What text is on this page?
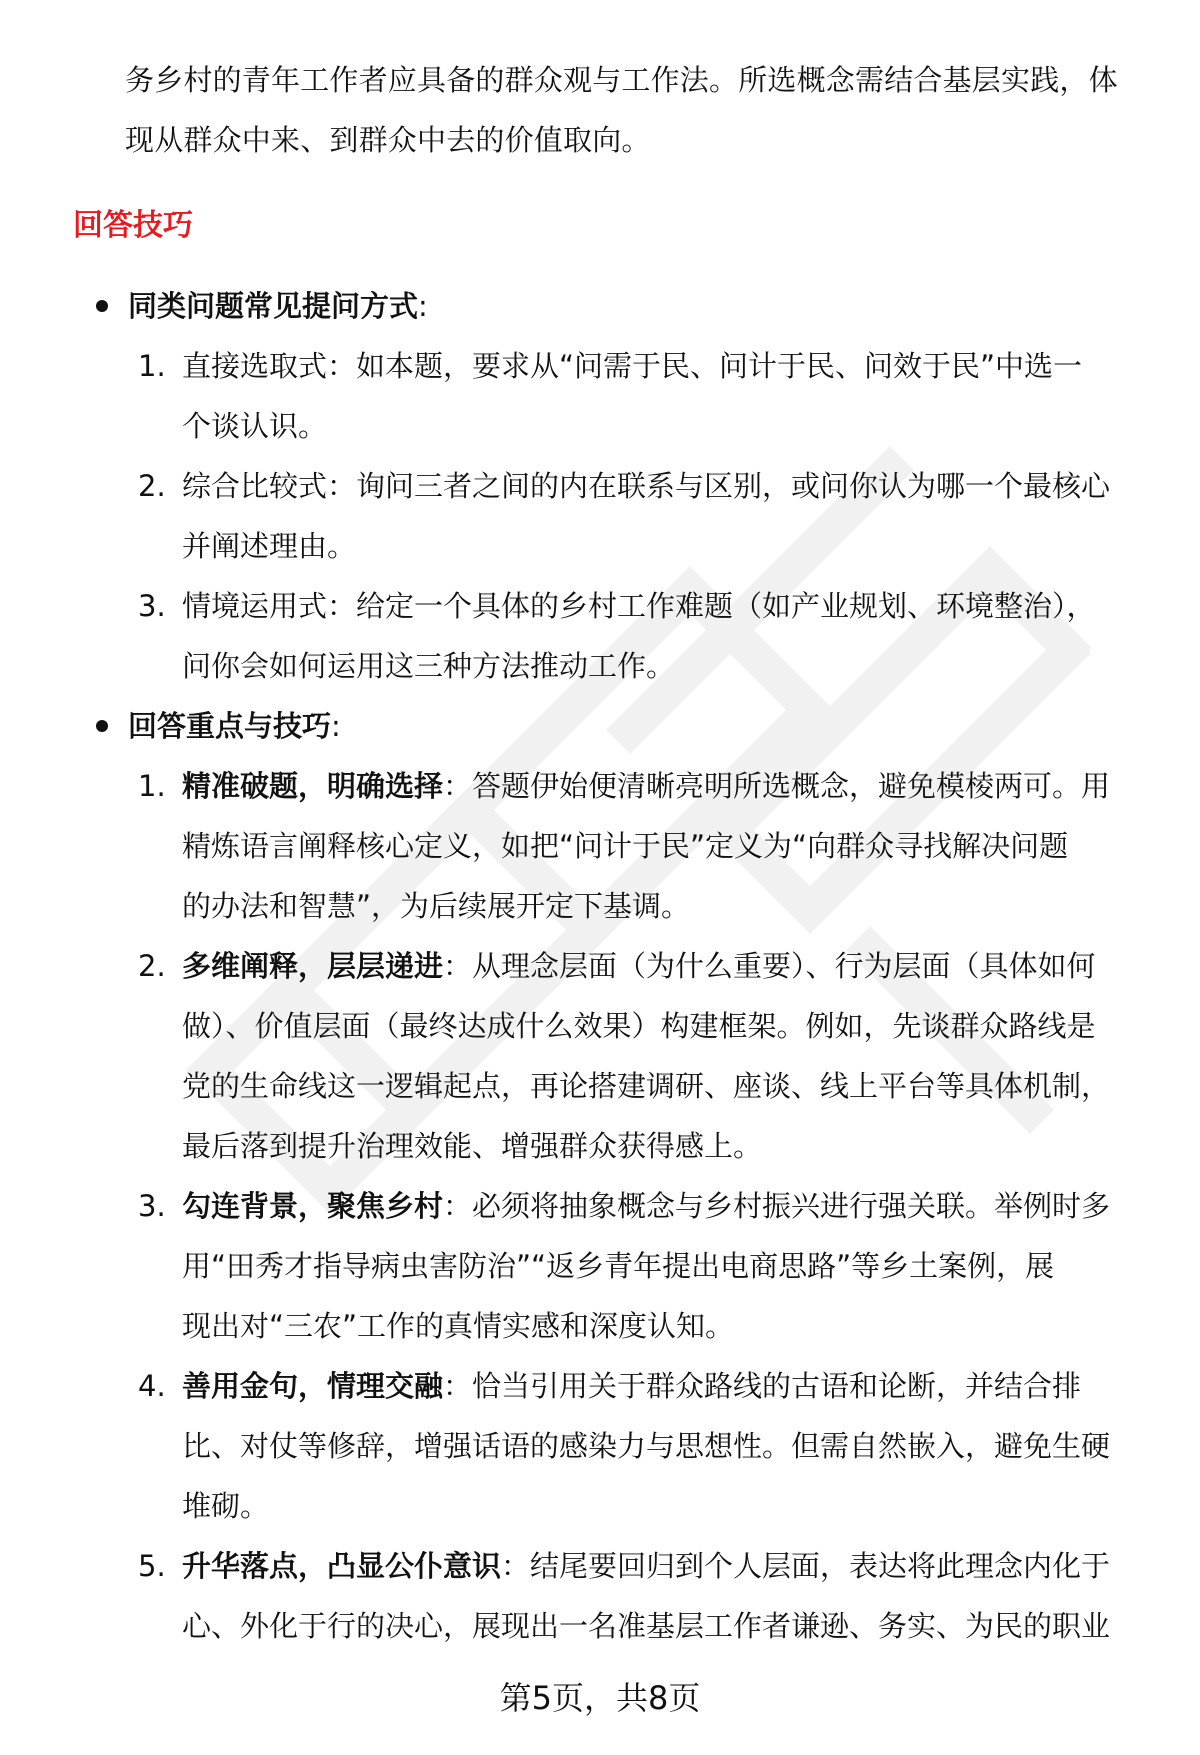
务乡村的青年工作者应具备的群众观与工作法。所选概念需结合基层实践，体
现从群众中来、到群众中去的价值取向。
回答技巧
同类问题常见提问方式:
1. 直接选取式：如本题，要求从“问需于民、问计于民、问效于民”中选一
个谈认识。
2. 综合比较式：询问三者之间的内在联系与区别，或问你认为哪一个最核心
并阐述理由。
3. 情境运用式：给定一个具体的乡村工作难题（如产业规划、环境整治），
问你会如何运用这三种方法推动工作。
回答重点与技巧:
1. 精准破题，明确选择：答题伊始便清晰亮明所选概念，避免模棱两可。用
精炼语言阐释核心定义，如把“问计于民”定义为“向群众寻找解决问题
的办法和智慧”，为后续展开定下基调。
2. 多维阐释，层层递进：从理念层面（为什么重要）、行为层面（具体如何
做）、价值层面（最终达成什么效果）构建框架。例如，先谈群众路线是
党的生命线这一逻辑起点，再论搭建调研、座谈、线上平台等具体机制，
最后落到提升治理效能、增强群众获得感上。
3. 勾连背景，聚焦乡村：必须将抽象概念与乡村振兴进行强关联。举例时多
用“田秀才指导病虫害防治”“返乡青年提出电商思路”等乡土案例，展
现出对“三农”工作的真情实感和深度认知。
4. 善用金句，情理交融：恰当引用关于群众路线的古语和论断，并结合排
比、对仗等修辞，增强话语的感染力与思想性。但需自然嵌入，避免生硬
堆砌。
5. 升华落点，凸显公仆意识：结尾要回归到个人层面，表达将此理念内化于
心、外化于行的决心，展现出一名准基层工作者谦逊、务实、为民的职业
第5页，共8页
